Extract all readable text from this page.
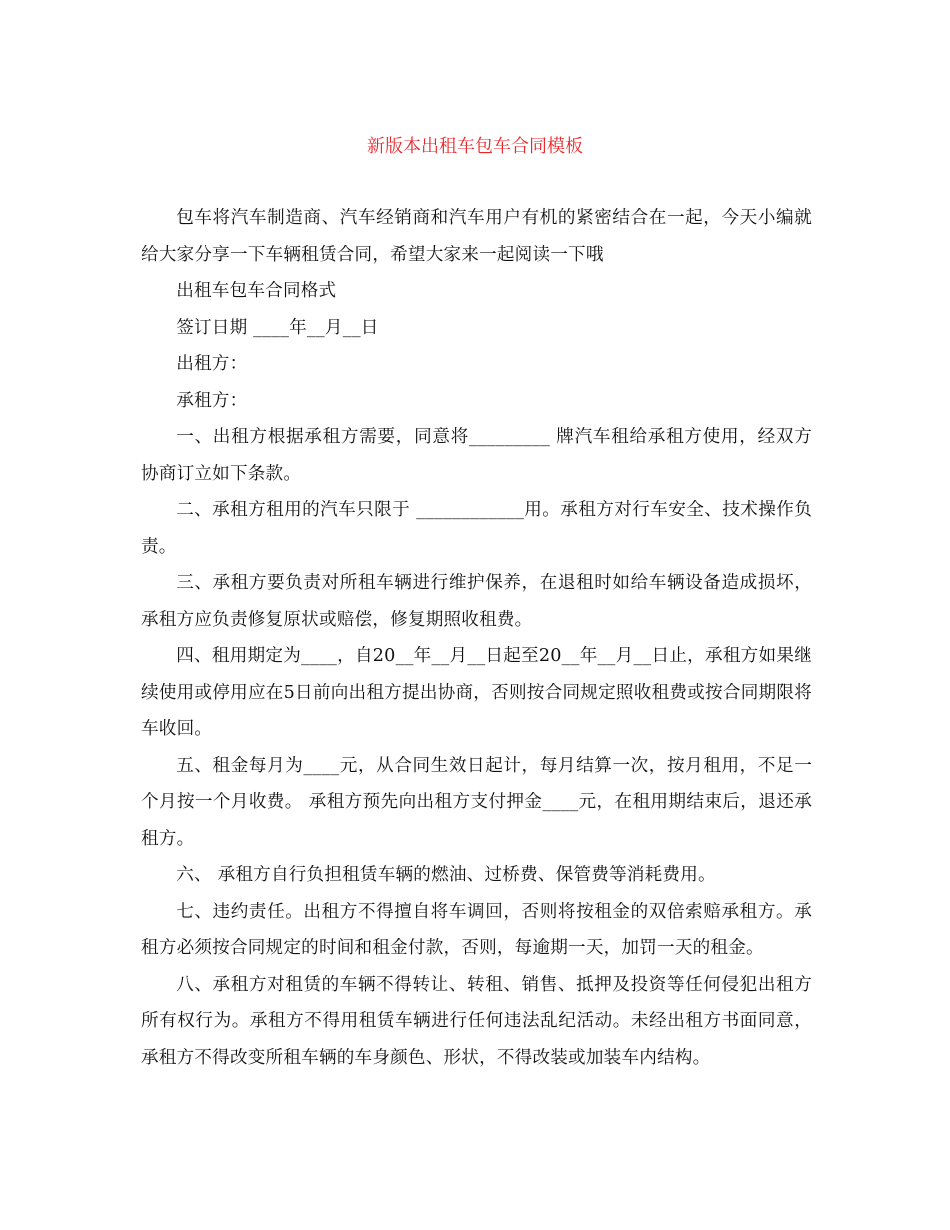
新版本出租车包车合同模板

包车将汽车制造商、汽车经销商和汽车用户有机的紧密结合在一起，今天小编就给大家分享一下车辆租赁合同，希望大家来一起阅读一下哦

出租车包车合同格式

签订日期 ____年__月__日

出租方：

承租方：

一、出租方根据承租方需要，同意将_________ 牌汽车租给承租方使用，经双方协商订立如下条款。

二、承租方租用的汽车只限于 ____________用。承租方对行车安全、技术操作负责。

三、承租方要负责对所租车辆进行维护保养，在退租时如给车辆设备造成损坏，承租方应负责修复原状或赔偿，修复期照收租费。

四、租用期定为____，自20__年__月__日起至20__年__月__日止，承租方如果继续使用或停用应在5日前向出租方提出协商，否则按合同规定照收租费或按合同期限将车收回。

五、租金每月为____元，从合同生效日起计，每月结算一次，按月租用，不足一个月按一个月收费。 承租方预先向出租方支付押金____元，在租用期结束后，退还承租方。

六、 承租方自行负担租赁车辆的燃油、过桥费、保管费等消耗费用。

七、违约责任。出租方不得擅自将车调回，否则将按租金的双倍索赔承租方。承租方必须按合同规定的时间和租金付款，否则，每逾期一天，加罚一天的租金。

八、承租方对租赁的车辆不得转让、转租、销售、抵押及投资等任何侵犯出租方所有权行为。承租方不得用租赁车辆进行任何违法乱纪活动。未经出租方书面同意，承租方不得改变所租车辆的车身颜色、形状，不得改装或加装车内结构。
